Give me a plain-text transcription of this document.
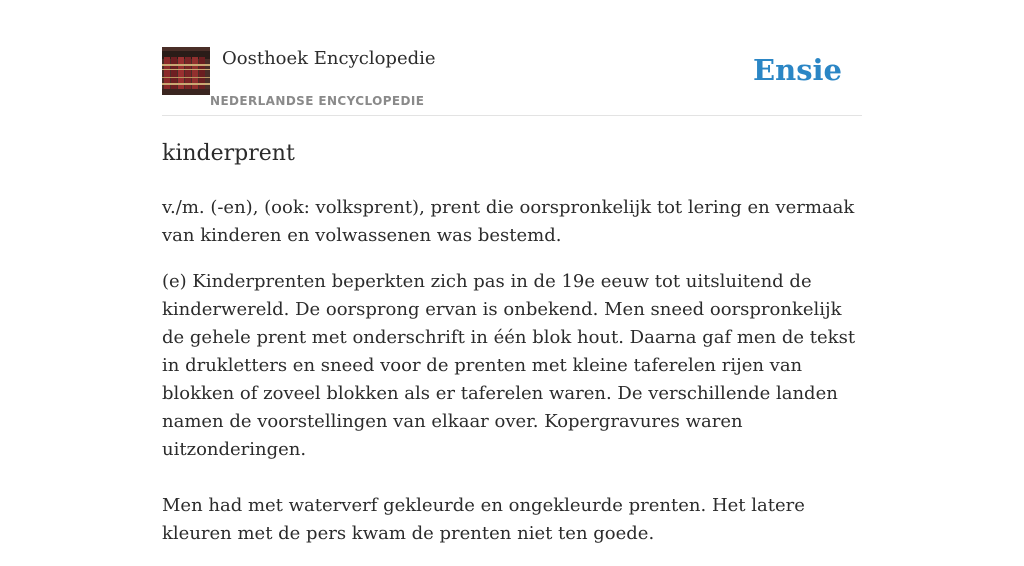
Oosthoek Encyclopedie
NEDERLANDSE ENCYCLOPEDIE
Ensie
kinderprent

v./m. (-en), (ook: volksprent), prent die oorspronkelijk tot lering en vermaak van kinderen en volwassenen was bestemd.

(e) Kinderprenten beperkten zich pas in de 19e eeuw tot uitsluitend de kinderwereld. De oorsprong ervan is onbekend. Men sneed oorspronkelijk de gehele prent met onderschrift in één blok hout. Daarna gaf men de tekst in drukletters en sneed voor de prenten met kleine taferelen rijen van blokken of zoveel blokken als er taferelen waren. De verschillende landen namen de voorstellingen van elkaar over. Kopergravures waren uitzonderingen.

Men had met waterverf gekleurde en ongekleurde prenten. Het latere kleuren met de pers kwam de prenten niet ten goede.
